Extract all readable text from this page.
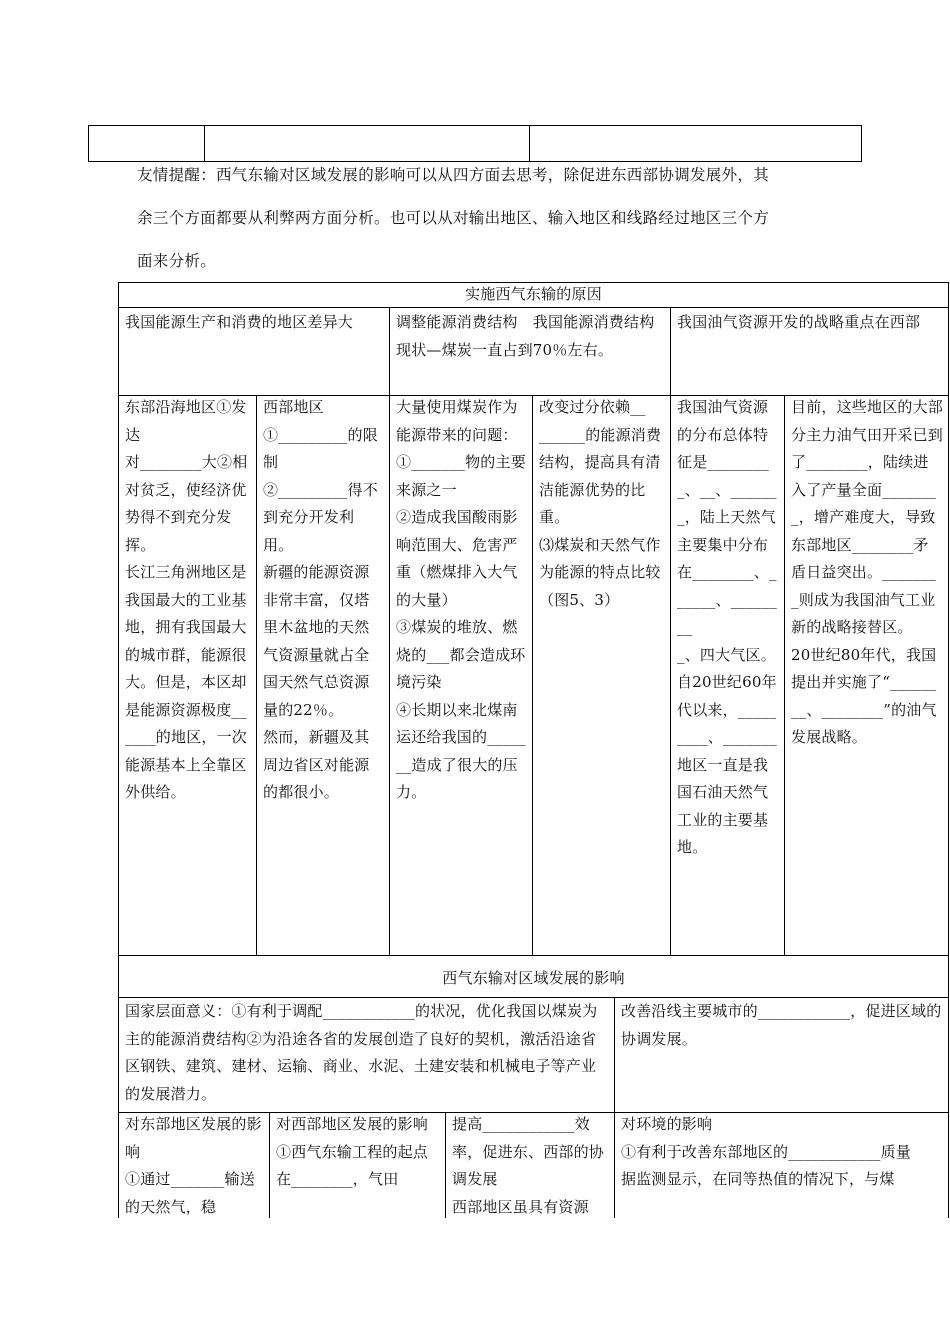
友情提醒：西气东输对区域发展的影响可以从四方面去思考，除促进东西部协调发展外，其
余三个方面都要从利弊两方面分析。也可以从对输出地区、输入地区和线路经过地区三个方
面来分析。
实施西气东输的原因
我国能源生产和消费的地区差异大	调整能源消费结构　我国能源消费结构现状—煤炭一直占到70％左右。
我国油气资源开发的战略重点在西部
东部沿海地区①发达
对________大②相对贫乏，使经济优势得不到充分发挥。
长江三角洲地区是我国最大的工业基地，拥有我国最大的城市群，能源很大。但是，本区却是能源资源极度______的地区，一次能源基本上全靠区外供给。
西部地区
①_________的限制
②_________得不到充分开发利用。
新疆的能源资源非常丰富，仅塔里木盆地的天然气资源量就占全国天然气总资源量的22％。
然而，新疆及其周边省区对能源的都很小。
大量使用煤炭作为能源带来的问题：
①_______物的主要来源之一
②造成我国酸雨影响范围大、危害严重（燃煤排入大气的大量）
③煤炭的堆放、燃烧的___都会造成环境污染
④长期以来北煤南运还给我国的_______造成了很大的压力。
改变过分依赖__
______的能源消费结构，提高具有清洁能源优势的比重。
⑶煤炭和天然气作为能源的特点比较（图5、3）
我国油气资源的分布总体特征是_________、__、_______，陆上天然气主要集中分布在________、______、________
_、四大气区。自20世纪60年代以来，_________、_______地区一直是我国石油天然气工业的主要基地。
目前，这些地区的大部分主力油气田开采已到了________，陆续进入了产量全面________，增产难度大，导致东部地区________矛盾日益突出。________则成为我国油气工业新的战略接替区。
20世纪80年代，我国提出并实施了“________、________”的油气发展战略。
西气东输对区域发展的影响
国家层面意义：①有利于调配____________的状况，优化我国以煤炭为主的能源消费结构②为沿途各省的发展创造了良好的契机，激活沿途省区钢铁、建筑、建材、运输、商业、水泥、土建安装和机械电子等产业的发展潜力。
改善沿线主要城市的____________，促进区域的协调发展。
对东部地区发展的影响
①通过_______输送的天然气，稳
对西部地区发展的影响
①西气东输工程的起点在________，气田
提高____________效率，促进东、西部的协调发展
西部地区虽具有资源
对环境的影响
①有利于改善东部地区的____________质量
据监测显示，在同等热值的情况下，与煤
